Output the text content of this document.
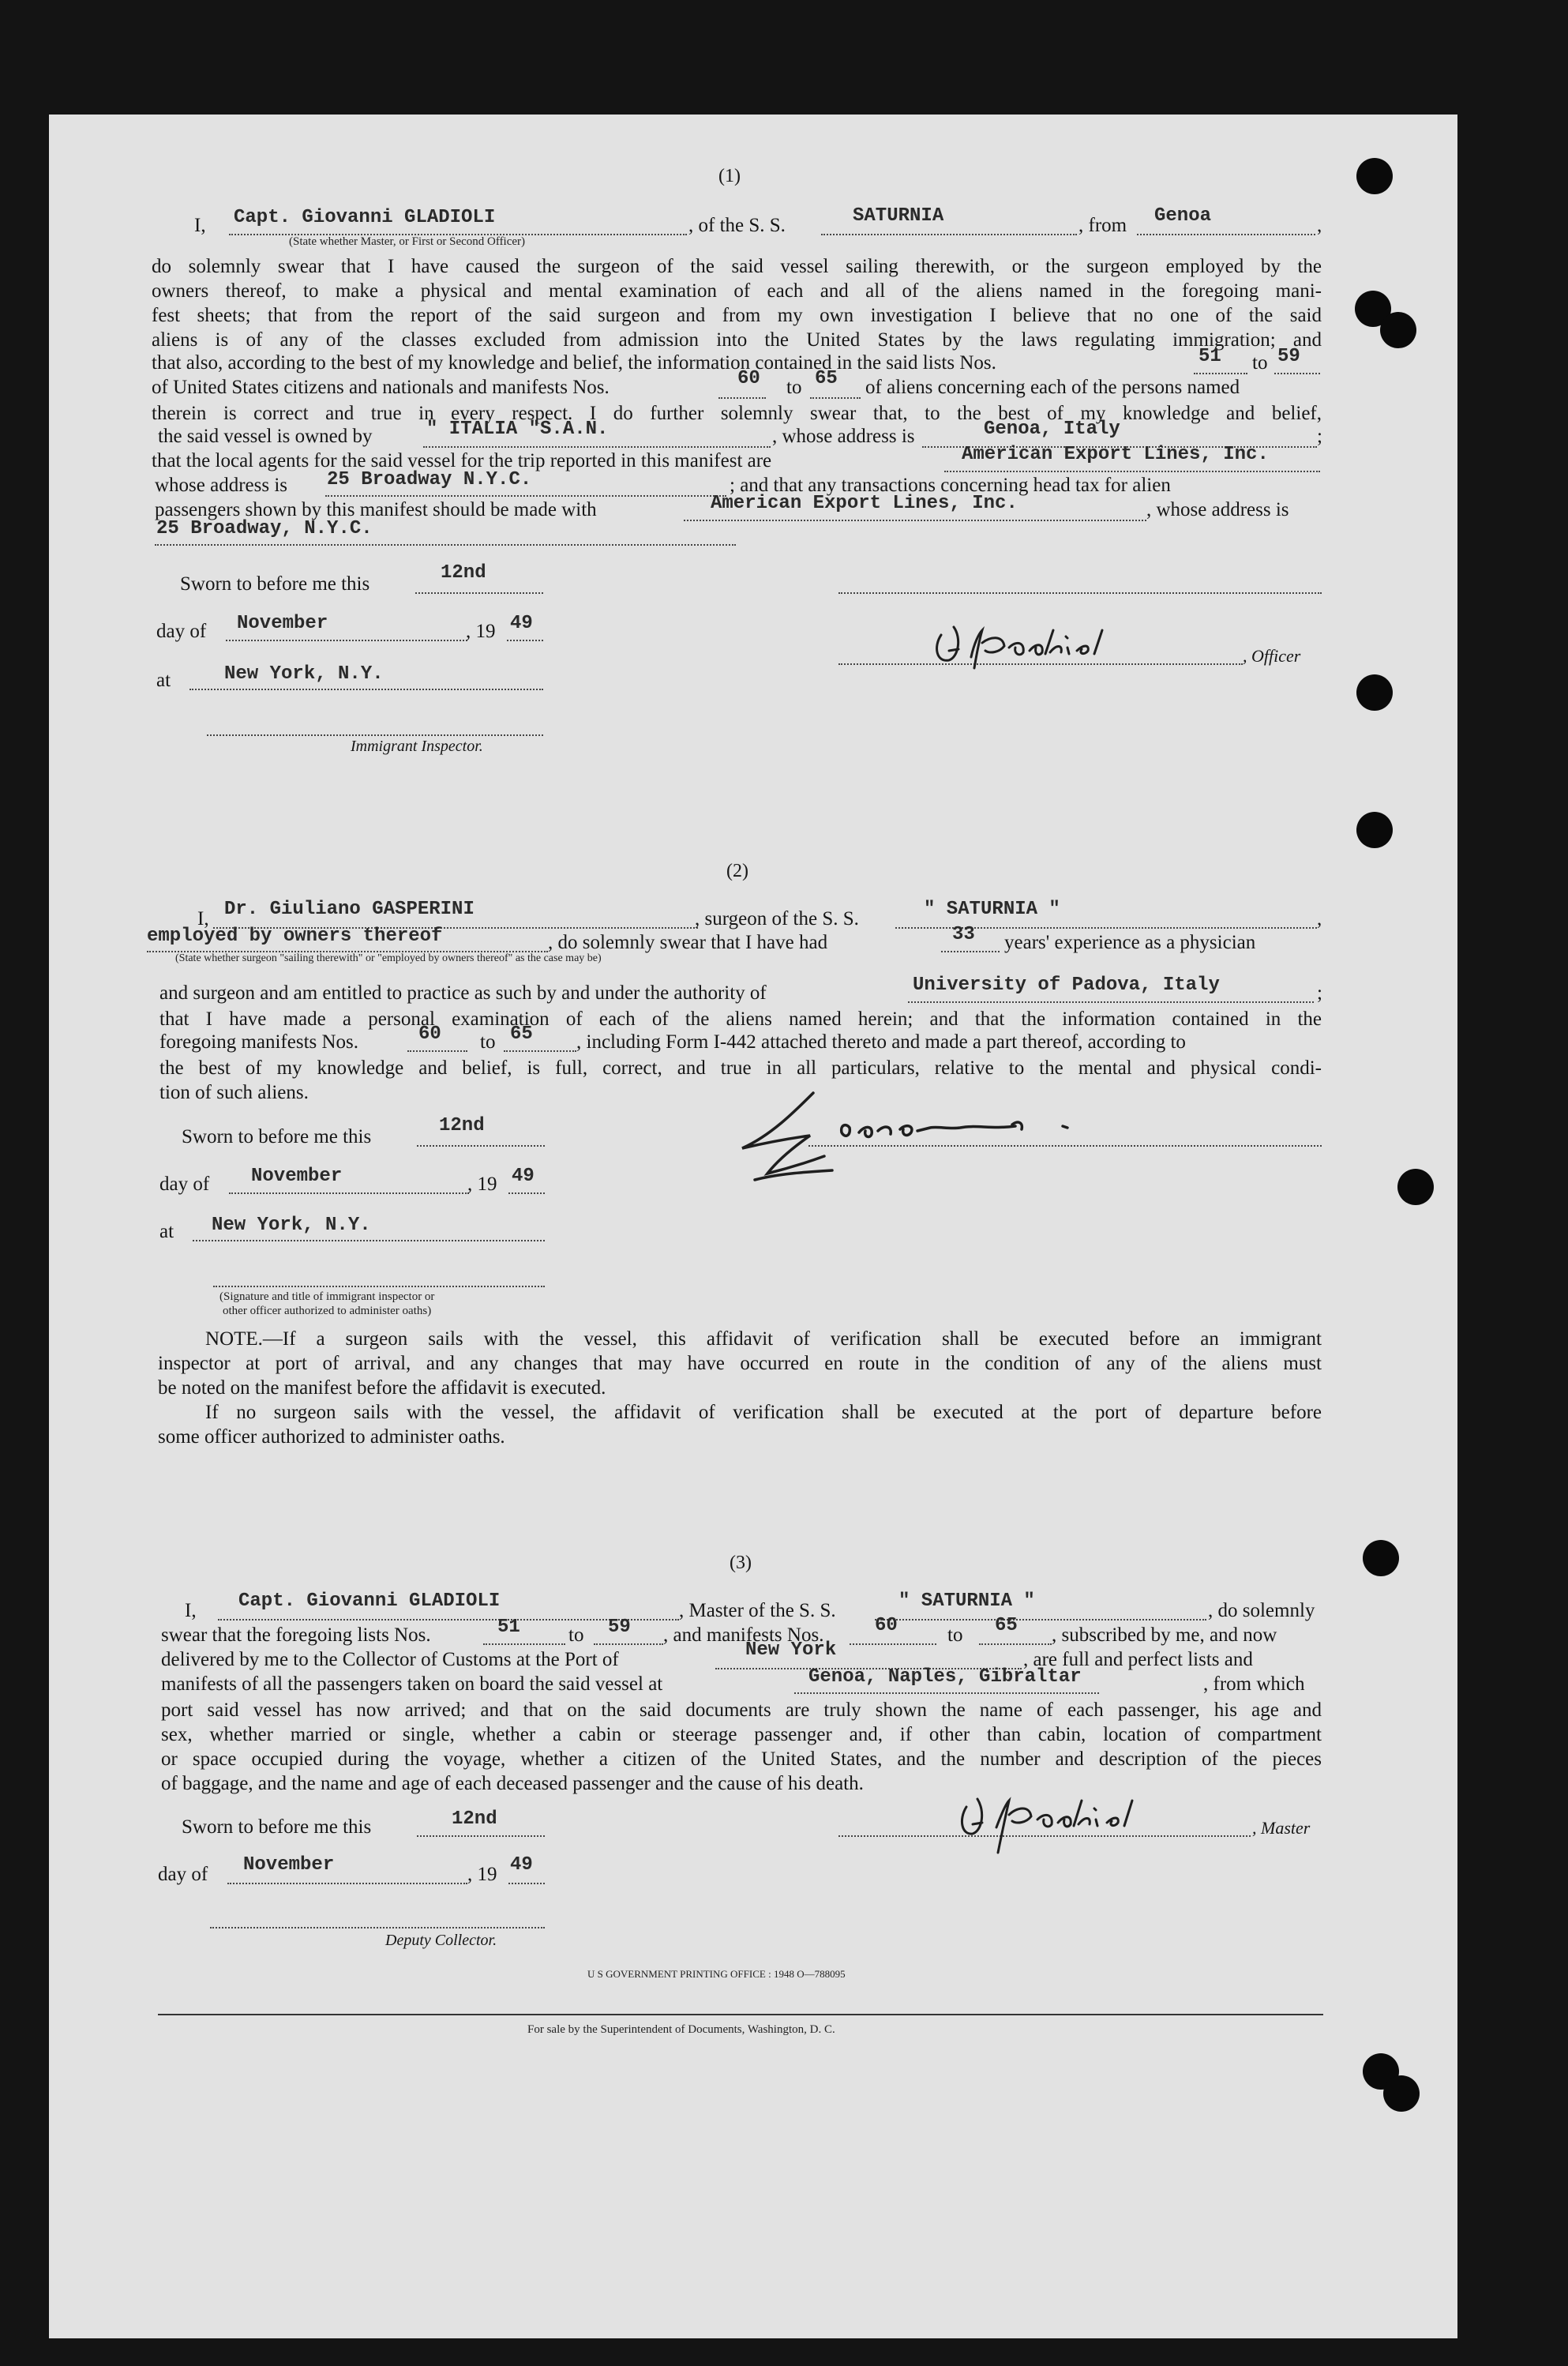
(1)
I, Capt. Giovanni GLADIOLI	, of the S. S.	SATURNIA	, from Genoa	,
(State whether Master, or First or Second Officer)
do solemnly swear that I have caused the surgeon of the said vessel sailing therewith, or the surgeon employed by the
owners thereof, to make a physical and mental examination of each and all of the aliens named in the foregoing mani-
fest sheets; that from the report of the said surgeon and from my own investigation I believe that no one of the said
aliens is of any of the classes excluded from admission into the United States by the laws regulating immigration; and
that also, according to the best of my knowledge and belief, the information contained in the said lists Nos.	51 to 59
of United States citizens and nationals and manifests Nos.	60 to 65 of aliens concerning each of the persons named
therein is correct and true in every respect. I do further solemnly swear that, to the best of my knowledge and belief,
the said vessel is owned by	" ITALIA "S.A.N.	, whose address is	Genoa, Italy	;
that the local agents for the said vessel for the trip reported in this manifest are	American Export Lines, Inc.
whose address is 25 Broadway N.Y.C.	; and that any transactions concerning head tax for alien
passengers shown by this manifest should be made with	American Export Lines, Inc.	, whose address is
25 Broadway, N.Y.C.
Sworn to before me this
12nd
day of November	, 19 49
at	New York, N.Y.
Immigrant Inspector.
, Officer
(2)
I, Dr. Giuliano GASPERINI	, surgeon of the S. S.	" SATURNIA "	,
employed by owners thereof	, do solemnly swear that I have had	33 years' experience as a physician
(State whether surgeon "sailing therewith" or "employed by owners thereof" as the case may be)
and surgeon and am entitled to practice as such by and under the authority of	University of Padova, Italy	;
that I have made a personal examination of each of the aliens named herein; and that the information contained in the
foregoing manifests Nos.	60 to 65 , including Form I-442 attached thereto and made a part thereof, according to
the best of my knowledge and belief, is full, correct, and true in all particulars, relative to the mental and physical condi-
tion of such aliens.
Sworn to before me this
12nd
day of November	, 19 49
at New York, N.Y.
(Signature and title of immigrant inspector or
other officer authorized to administer oaths)
NOTE.—If a surgeon sails with the vessel, this affidavit of verification shall be executed before an immigrant
inspector at port of arrival, and any changes that may have occurred en route in the condition of any of the aliens must
be noted on the manifest before the affidavit is executed.
If no surgeon sails with the vessel, the affidavit of verification shall be executed at the port of departure before
some officer authorized to administer oaths.
(3)
I, Capt. Giovanni GLADIOLI	, Master of the S. S.	" SATURNIA "	, do solemnly
swear that the foregoing lists Nos.	51 to 59 , and manifests Nos.	60	to 65 , subscribed by me, and now
delivered by me to the Collector of Customs at the Port of	New York	, are full and perfect lists and
manifests of all the passengers taken on board the said vessel at	Genoa, Naples, Gibraltar	, from which
port said vessel has now arrived; and that on the said documents are truly shown the name of each passenger, his age and
sex, whether married or single, whether a cabin or steerage passenger and, if other than cabin, location of compartment
or space occupied during the voyage, whether a citizen of the United States, and the number and description of the pieces
of baggage, and the name and age of each deceased passenger and the cause of his death.
Sworn to before me this	12nd	, Master
day of November	, 19 49
Deputy Collector.
U S GOVERNMENT PRINTING OFFICE : 1948 O—788095
For sale by the Superintendent of Documents, Washington, D. C.
